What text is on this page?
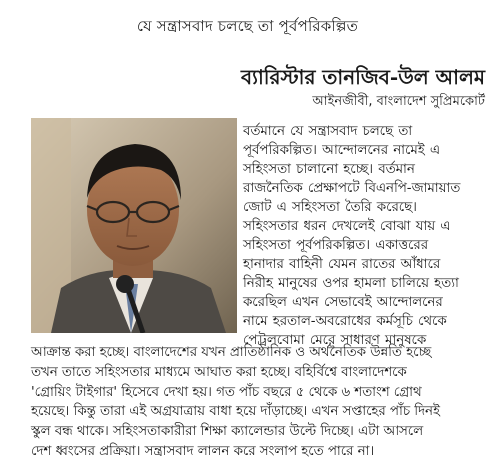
যে সন্ত্রাসবাদ চলছে তা পূর্বপরিকল্পিত
ব্যারিস্টার তানজিব-উল আলম
আইনজীবী, বাংলাদেশ সুপ্রিমকোর্ট
বর্তমানে যে সন্ত্রাসবাদ চলছে তা
পূর্বপরিকল্পিত। আন্দোলনের নামেই এ
সহিংসতা চালানো হচ্ছে। বর্তমান
রাজনৈতিক প্রেক্ষাপটে বিএনপি-জামায়াত
জোট এ সহিংসতা তৈরি করেছে।
সহিংসতার ধরন দেখলেই বোঝা যায় এ
সহিংসতা পূর্বপরিকল্পিত। একাত্তরের
হানাদার বাহিনী যেমন রাতের আঁধারে
নিরীহ মানুষের ওপর হামলা চালিয়ে হত্যা
করেছিল এখন সেভাবেই আন্দোলনের
নামে হরতাল-অবরোধের কর্মসূচি থেকে
পেট্রলবোমা মেরে সাধারণ মানুষকে
আক্রান্ত করা হচ্ছে। বাংলাদেশের যখন প্রাতিষ্ঠানিক ও অর্থনৈতিক উন্নতি হচ্ছে
তখন তাতে সহিংসতার মাধ্যমে আঘাত করা হচ্ছে। বহির্বিশ্বে বাংলাদেশকে
'গ্রোয়িং টাইগার' হিসেবে দেখা হয়। গত পাঁচ বছরে ৫ থেকে ৬ শতাংশ গ্রোথ
হয়েছে। কিন্তু তারা এই অগ্রযাত্রায় বাধা হয়ে দাঁড়াচ্ছে। এখন সপ্তাহের পাঁচ দিনই
স্কুল বন্ধ থাকে। সহিংসতাকারীরা শিক্ষা ক্যালেন্ডার উল্টে দিচ্ছে। এটা আসলে
দেশ ধ্বংসের প্রক্রিয়া। সন্ত্রাসবাদ লালন করে সংলাপ হতে পারে না।
